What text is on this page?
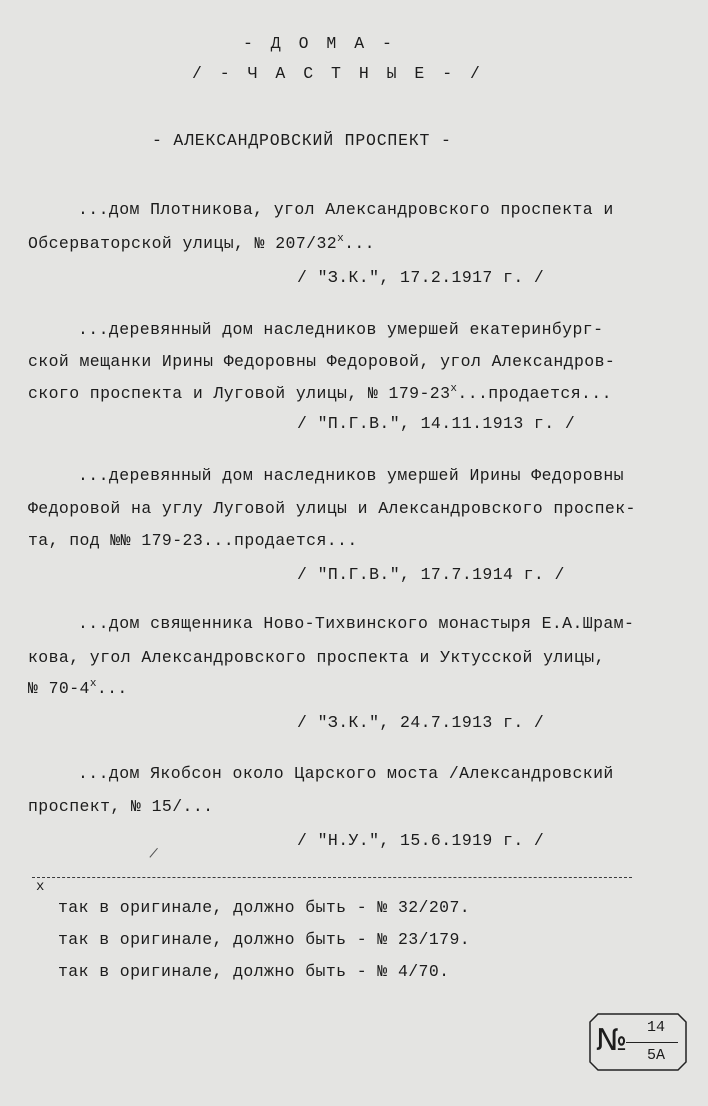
- Д О М А -
/ - Ч А С Т Н Ы Е - /
- АЛЕКСАНДРОВСКИЙ ПРОСПЕКТ -
...дом Плотникова, угол Александровского проспекта и
Обсерваторской улицы, № 207/32$^x$...
/ "З.К.", 17.2.1917 г. /
...деревянный дом наследников умершей екатеринбург-
ской мещанки Ирины Федоровны Федоровой, угол Александров-
ского проспекта и Луговой улицы, № 179-23$^x$...продается...
/ "П.Г.В.", 14.11.1913 г. /
...деревянный дом наследников умершей Ирины Федоровны
Федоровой на углу Луговой улицы и Александровского проспек-
та, под №№ 179-23...продается...
/ "П.Г.В.", 17.7.1914 г. /
...дом священника Ново-Тихвинского монастыря Е.А.Шрам-
кова, угол Александровского проспекта и Уктусской улицы,
№ 70-4$^x$...
/ "З.К.", 24.7.1913 г. /
...дом Якобсон около Царского моста /Александровский
проспект, № 15/...
/ "Н.У.", 15.6.1919 г. /
x
так в оригинале, должно быть - № 32/207.
так в оригинале, должно быть - № 23/179.
так в оригинале, должно быть - № 4/70.
№	14
5А
